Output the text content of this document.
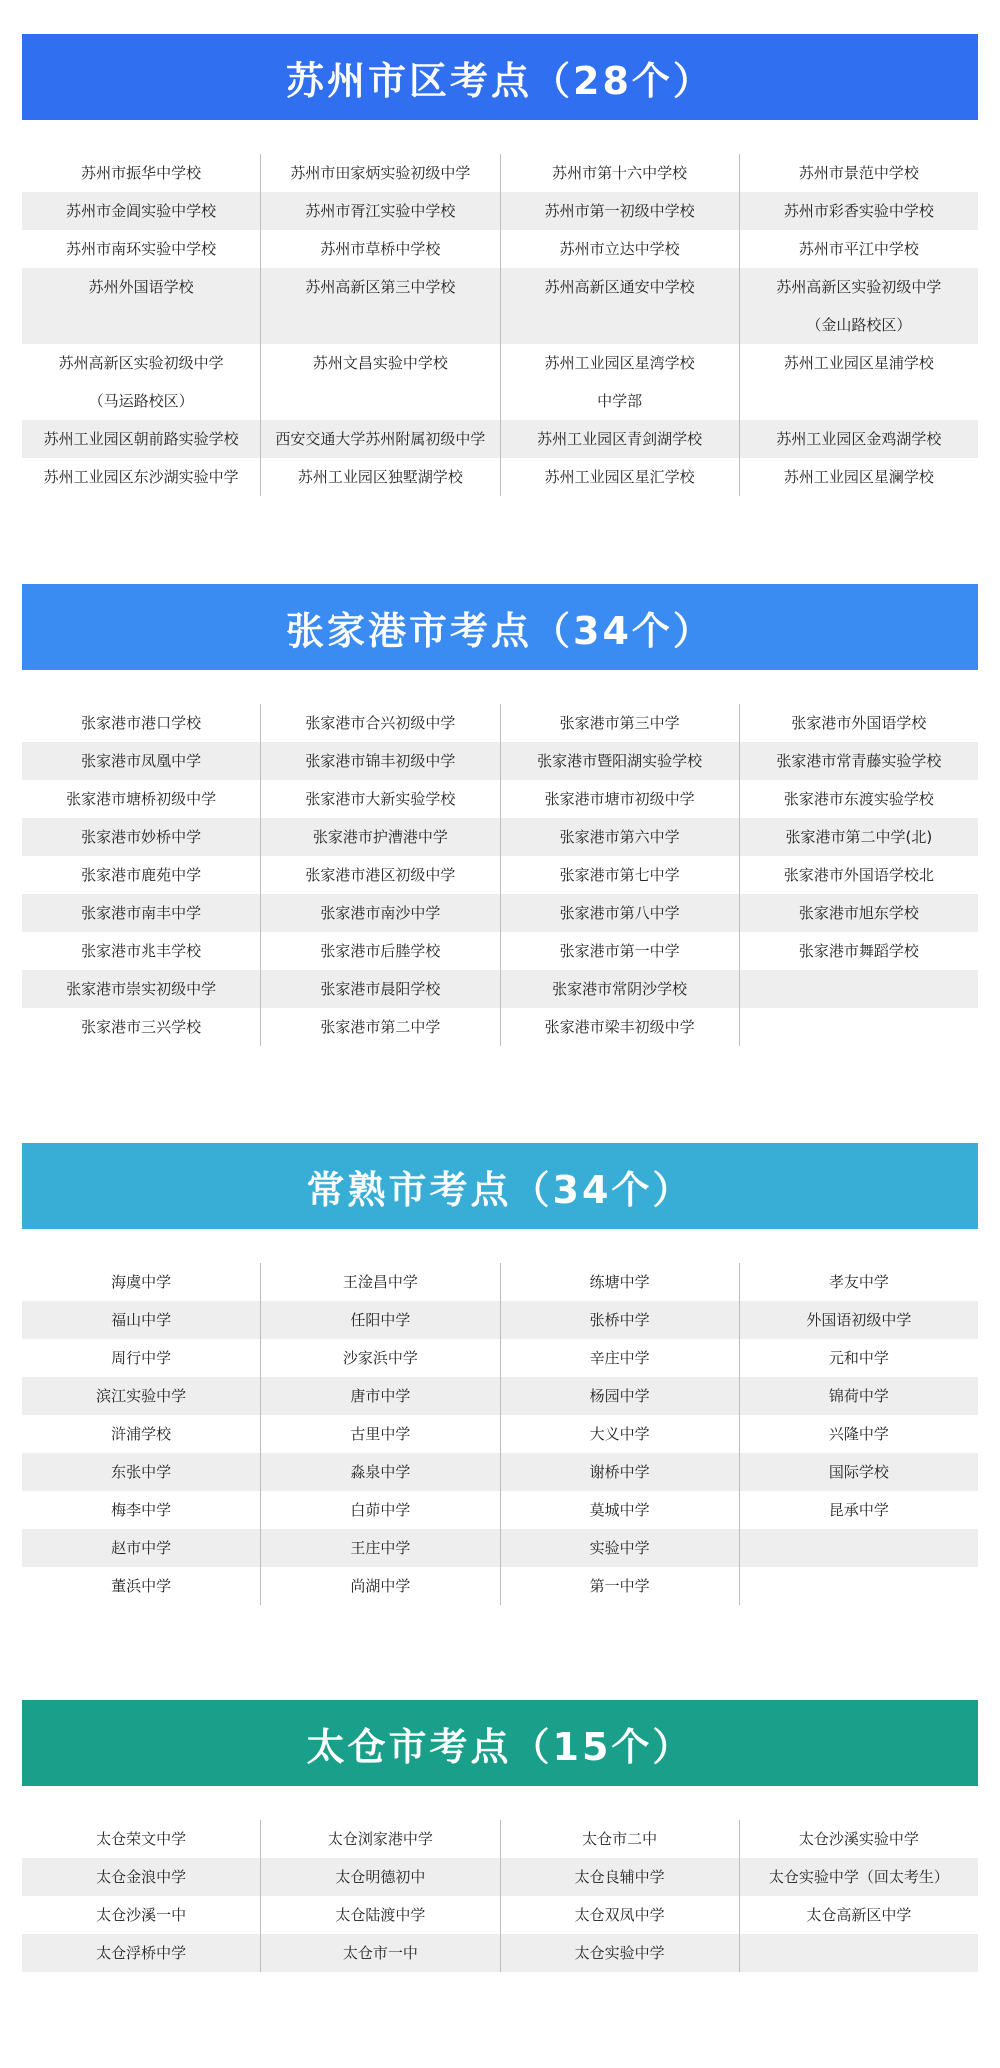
苏州市区考点（28个）
苏州市振华中学校
苏州市金阊实验中学校
苏州市南环实验中学校
苏州外国语学校
苏州高新区实验初级中学
（马运路校区）
苏州工业园区朝前路实验学校
苏州工业园区东沙湖实验中学
苏州市田家炳实验初级中学
苏州市胥江实验中学校
苏州市草桥中学校
苏州高新区第三中学校
苏州文昌实验中学校
西安交通大学苏州附属初级中学
苏州工业园区独墅湖学校
苏州市第十六中学校
苏州市第一初级中学校
苏州市立达中学校
苏州高新区通安中学校
苏州工业园区星湾学校
中学部
苏州工业园区青剑湖学校
苏州工业园区星汇学校
苏州市景范中学校
苏州市彩香实验中学校
苏州市平江中学校
苏州高新区实验初级中学
（金山路校区）
苏州工业园区星浦学校
苏州工业园区金鸡湖学校
苏州工业园区星澜学校
张家港市考点（34个）
张家港市港口学校
张家港市凤凰中学
张家港市塘桥初级中学
张家港市妙桥中学
张家港市鹿苑中学
张家港市南丰中学
张家港市兆丰学校
张家港市崇实初级中学
张家港市三兴学校
张家港市合兴初级中学
张家港市锦丰初级中学
张家港市大新实验学校
张家港市护漕港中学
张家港市港区初级中学
张家港市南沙中学
张家港市后塍学校
张家港市晨阳学校
张家港市第二中学
张家港市第三中学
张家港市暨阳湖实验学校
张家港市塘市初级中学
张家港市第六中学
张家港市第七中学
张家港市第八中学
张家港市第一中学
张家港市常阴沙学校
张家港市梁丰初级中学
张家港市外国语学校
张家港市常青藤实验学校
张家港市东渡实验学校
张家港市第二中学(北)
张家港市外国语学校北
张家港市旭东学校
张家港市舞蹈学校
常熟市考点（34个）
海虞中学
福山中学
周行中学
滨江实验中学
浒浦学校
东张中学
梅李中学
赵市中学
董浜中学
王淦昌中学
任阳中学
沙家浜中学
唐市中学
古里中学
淼泉中学
白茆中学
王庄中学
尚湖中学
练塘中学
张桥中学
辛庄中学
杨园中学
大义中学
谢桥中学
莫城中学
实验中学
第一中学
孝友中学
外国语初级中学
元和中学
锦荷中学
兴隆中学
国际学校
昆承中学
太仓市考点（15个）
太仓荣文中学
太仓金浪中学
太仓沙溪一中
太仓浮桥中学
太仓浏家港中学
太仓明德初中
太仓陆渡中学
太仓市一中
太仓市二中
太仓良辅中学
太仓双凤中学
太仓实验中学
太仓沙溪实验中学
太仓实验中学（回太考生）
太仓高新区中学
